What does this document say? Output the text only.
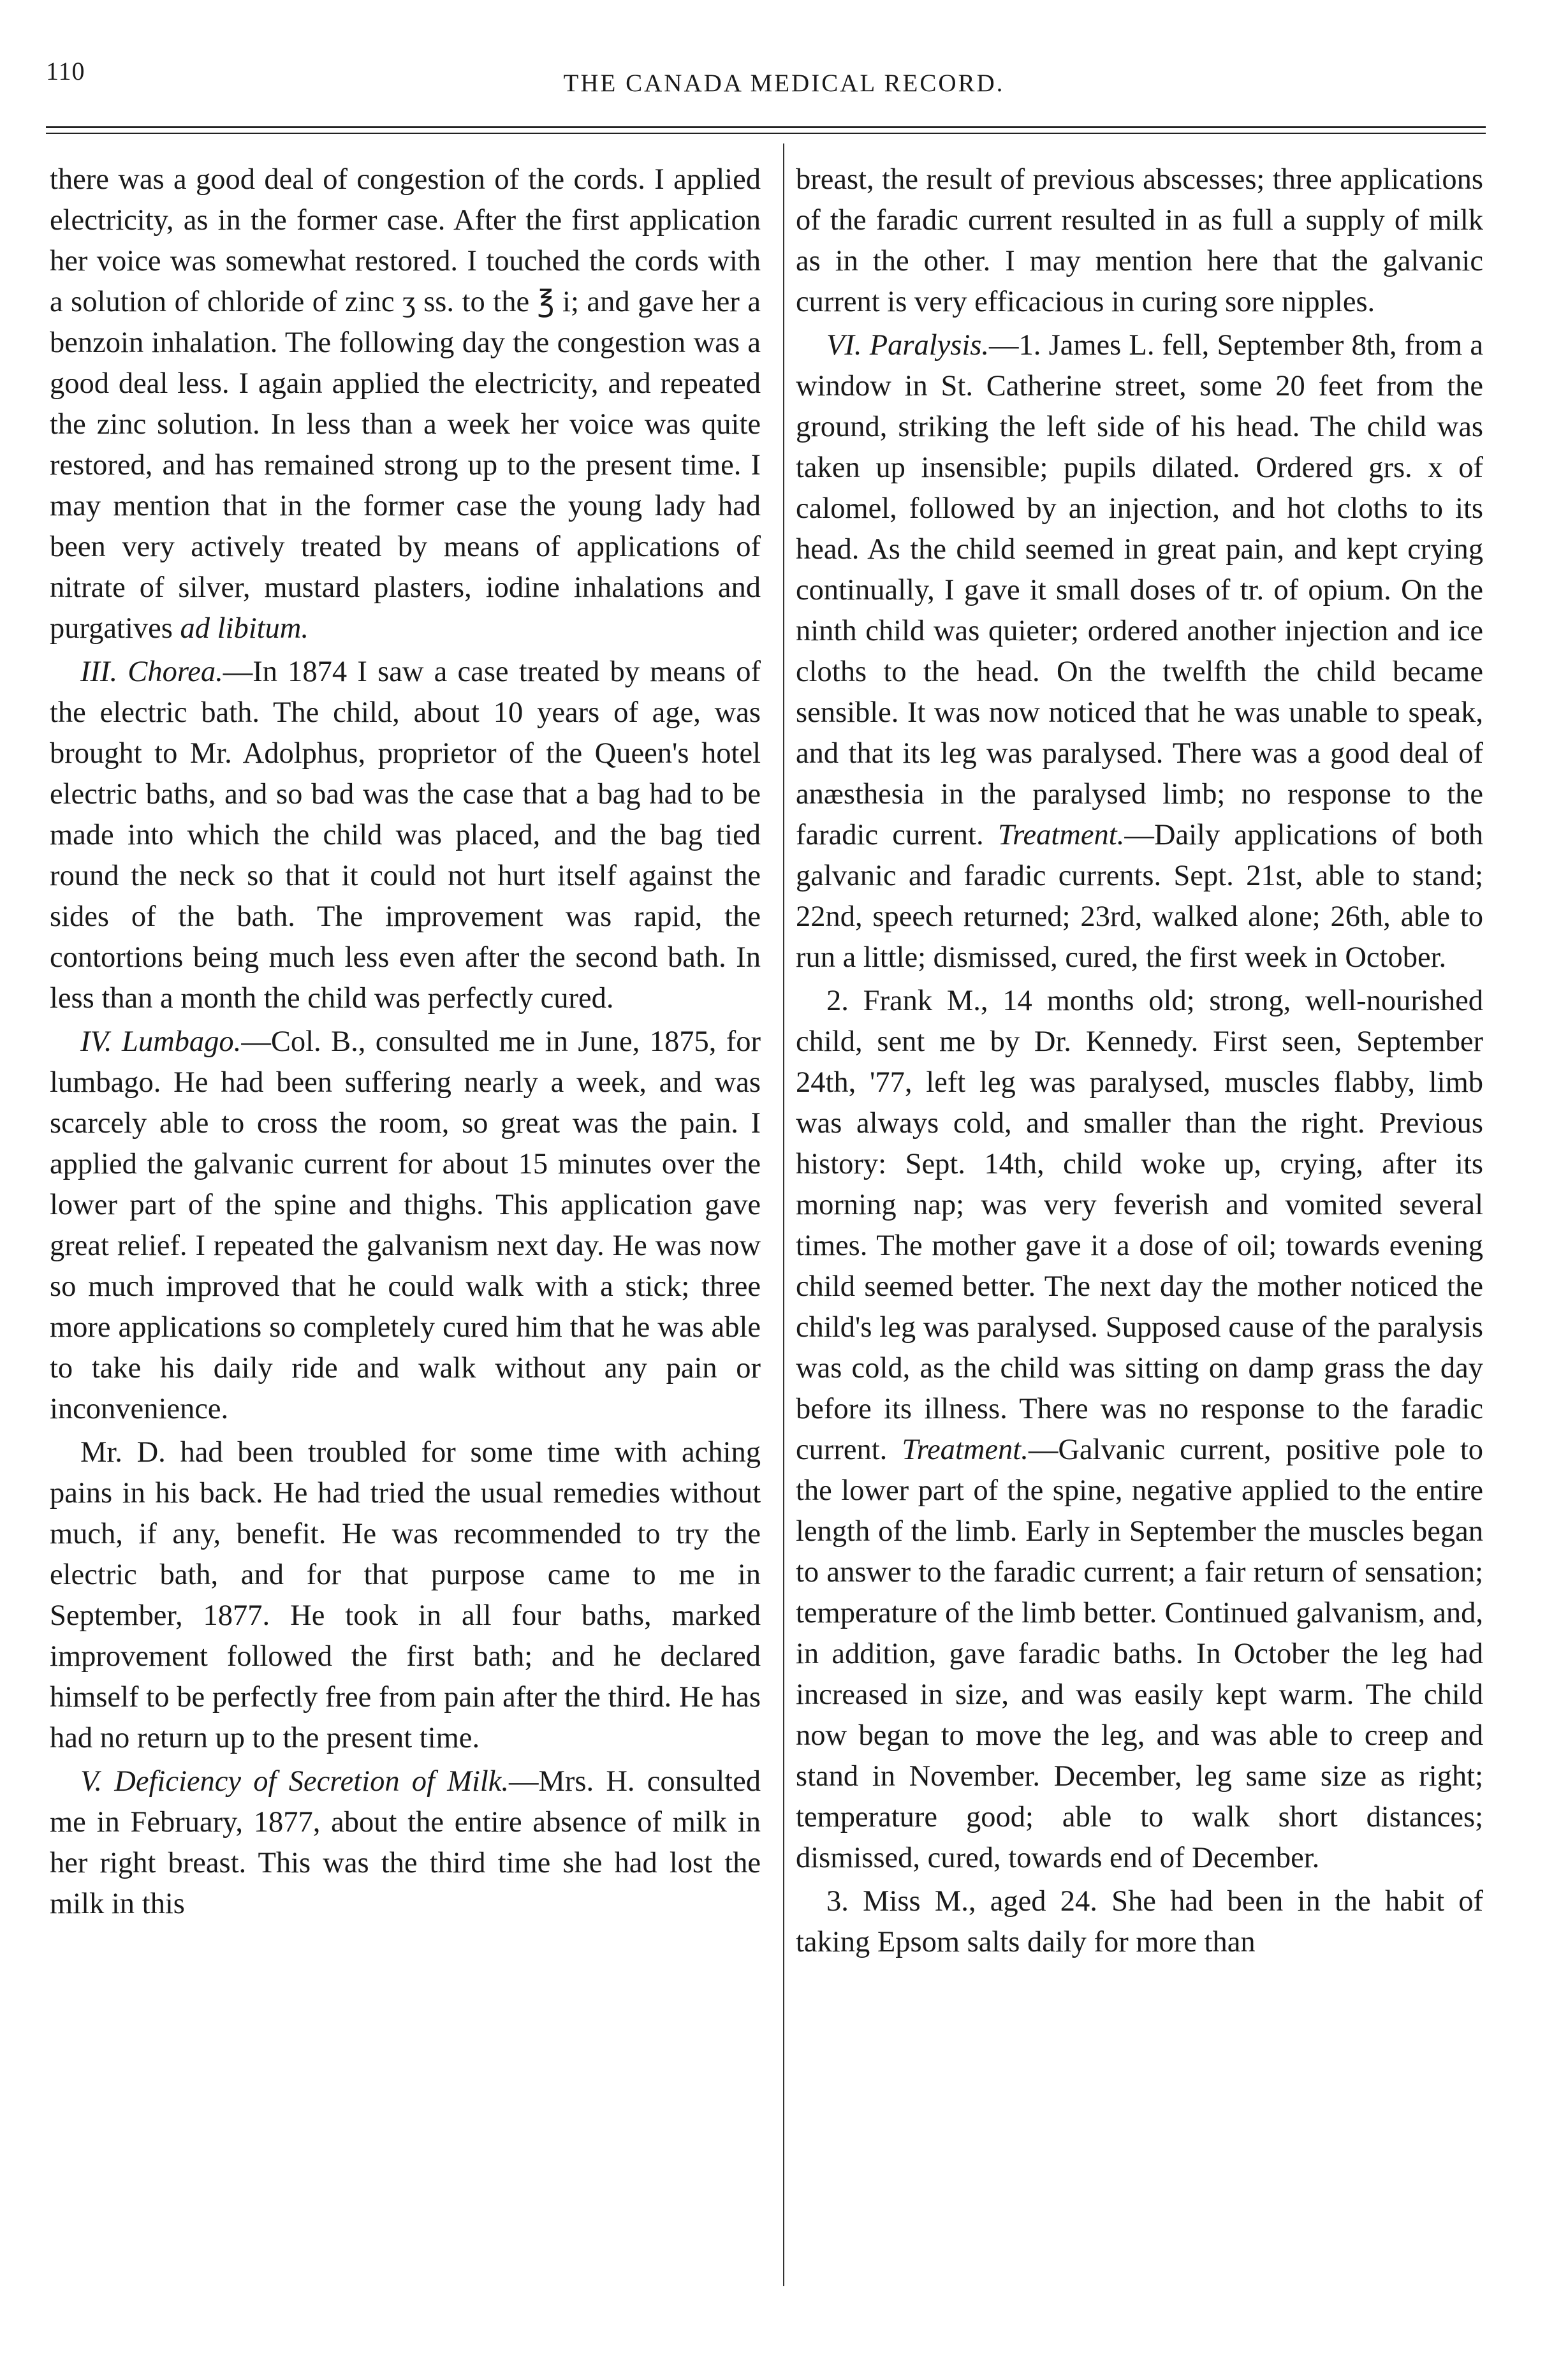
110	THE CANADA MEDICAL RECORD.

there was a good deal of congestion of the cords. I applied electricity, as in the former case. After the first application her voice was somewhat restored. I touched the cords with a solution of chloride of zinc ʒ ss. to the ℥ i; and gave her a benzoin inhalation. The following day the congestion was a good deal less. I again applied the electricity, and repeated the zinc solution. In less than a week her voice was quite restored, and has remained strong up to the present time. I may mention that in the former case the young lady had been very actively treated by means of applications of nitrate of silver, mustard plasters, iodine inhalations and purgatives ad libitum.

III. Chorea.—In 1874 I saw a case treated by means of the electric bath. The child, about 10 years of age, was brought to Mr. Adolphus, proprietor of the Queen's hotel electric baths, and so bad was the case that a bag had to be made into which the child was placed, and the bag tied round the neck so that it could not hurt itself against the sides of the bath. The improvement was rapid, the contortions being much less even after the second bath. In less than a month the child was perfectly cured.

IV. Lumbago.—Col. B., consulted me in June, 1875, for lumbago. He had been suffering nearly a week, and was scarcely able to cross the room, so great was the pain. I applied the galvanic current for about 15 minutes over the lower part of the spine and thighs. This application gave great relief. I repeated the galvanism next day. He was now so much improved that he could walk with a stick; three more applications so completely cured him that he was able to take his daily ride and walk without any pain or inconvenience.

Mr. D. had been troubled for some time with aching pains in his back. He had tried the usual remedies without much, if any, benefit. He was recommended to try the electric bath, and for that purpose came to me in September, 1877. He took in all four baths, marked improvement followed the first bath; and he declared himself to be perfectly free from pain after the third. He has had no return up to the present time.

V. Deficiency of Secretion of Milk.—Mrs. H. consulted me in February, 1877, about the entire absence of milk in her right breast. This was the third time she had lost the milk in this

breast, the result of previous abscesses; three applications of the faradic current resulted in as full a supply of milk as in the other. I may mention here that the galvanic current is very efficacious in curing sore nipples.

VI. Paralysis.—1. James L. fell, September 8th, from a window in St. Catherine street, some 20 feet from the ground, striking the left side of his head. The child was taken up insensible; pupils dilated. Ordered grs. x of calomel, followed by an injection, and hot cloths to its head. As the child seemed in great pain, and kept crying continually, I gave it small doses of tr. of opium. On the ninth child was quieter; ordered another injection and ice cloths to the head. On the twelfth the child became sensible. It was now noticed that he was unable to speak, and that its leg was paralysed. There was a good deal of anæsthesia in the paralysed limb; no response to the faradic current. Treatment.—Daily applications of both galvanic and faradic currents. Sept. 21st, able to stand; 22nd, speech returned; 23rd, walked alone; 26th, able to run a little; dismissed, cured, the first week in October.

2. Frank M., 14 months old; strong, well-nourished child, sent me by Dr. Kennedy. First seen, September 24th, '77, left leg was paralysed, muscles flabby, limb was always cold, and smaller than the right. Previous history: Sept. 14th, child woke up, crying, after its morning nap; was very feverish and vomited several times. The mother gave it a dose of oil; towards evening child seemed better. The next day the mother noticed the child's leg was paralysed. Supposed cause of the paralysis was cold, as the child was sitting on damp grass the day before its illness. There was no response to the faradic current. Treatment.—Galvanic current, positive pole to the lower part of the spine, negative applied to the entire length of the limb. Early in September the muscles began to answer to the faradic current; a fair return of sensation; temperature of the limb better. Continued galvanism, and, in addition, gave faradic baths. In October the leg had increased in size, and was easily kept warm. The child now began to move the leg, and was able to creep and stand in November. December, leg same size as right; temperature good; able to walk short distances; dismissed, cured, towards end of December.

3. Miss M., aged 24. She had been in the habit of taking Epsom salts daily for more than
